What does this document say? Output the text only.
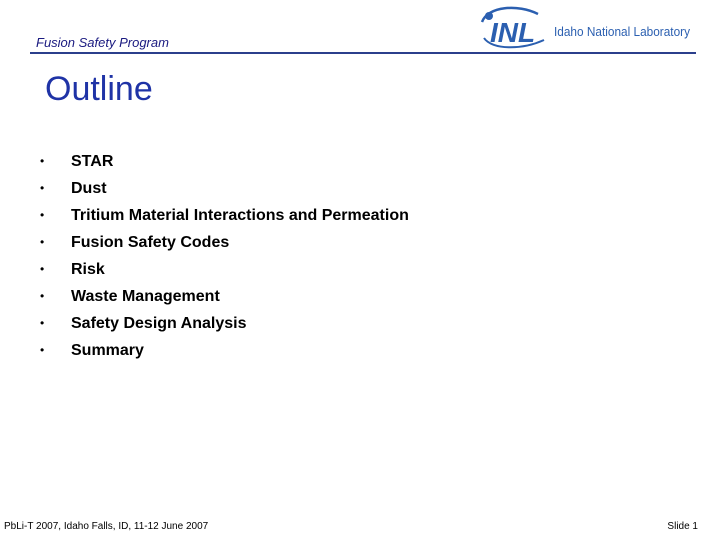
Fusion Safety Program	INL Idaho National Laboratory
Outline
•	STAR
•	Dust
•	Tritium Material Interactions and Permeation
•	Fusion Safety Codes
•	Risk
•	Waste Management
•	Safety Design Analysis
•	Summary
PbLi-T 2007, Idaho Falls, ID, 11-12 June 2007	Slide 1
